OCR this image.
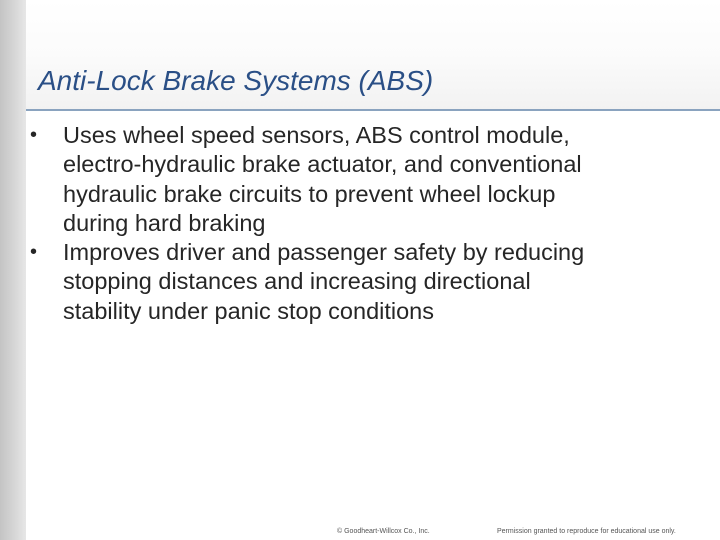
Anti-Lock Brake Systems (ABS)
• Uses wheel speed sensors, ABS control module,
electro-hydraulic brake actuator, and conventional
hydraulic brake circuits to prevent wheel lockup
during hard braking
• Improves driver and passenger safety by reducing
stopping distances and increasing directional
stability under panic stop conditions
© Goodheart-Willcox Co., Inc.	Permission granted to reproduce for educational use only.
